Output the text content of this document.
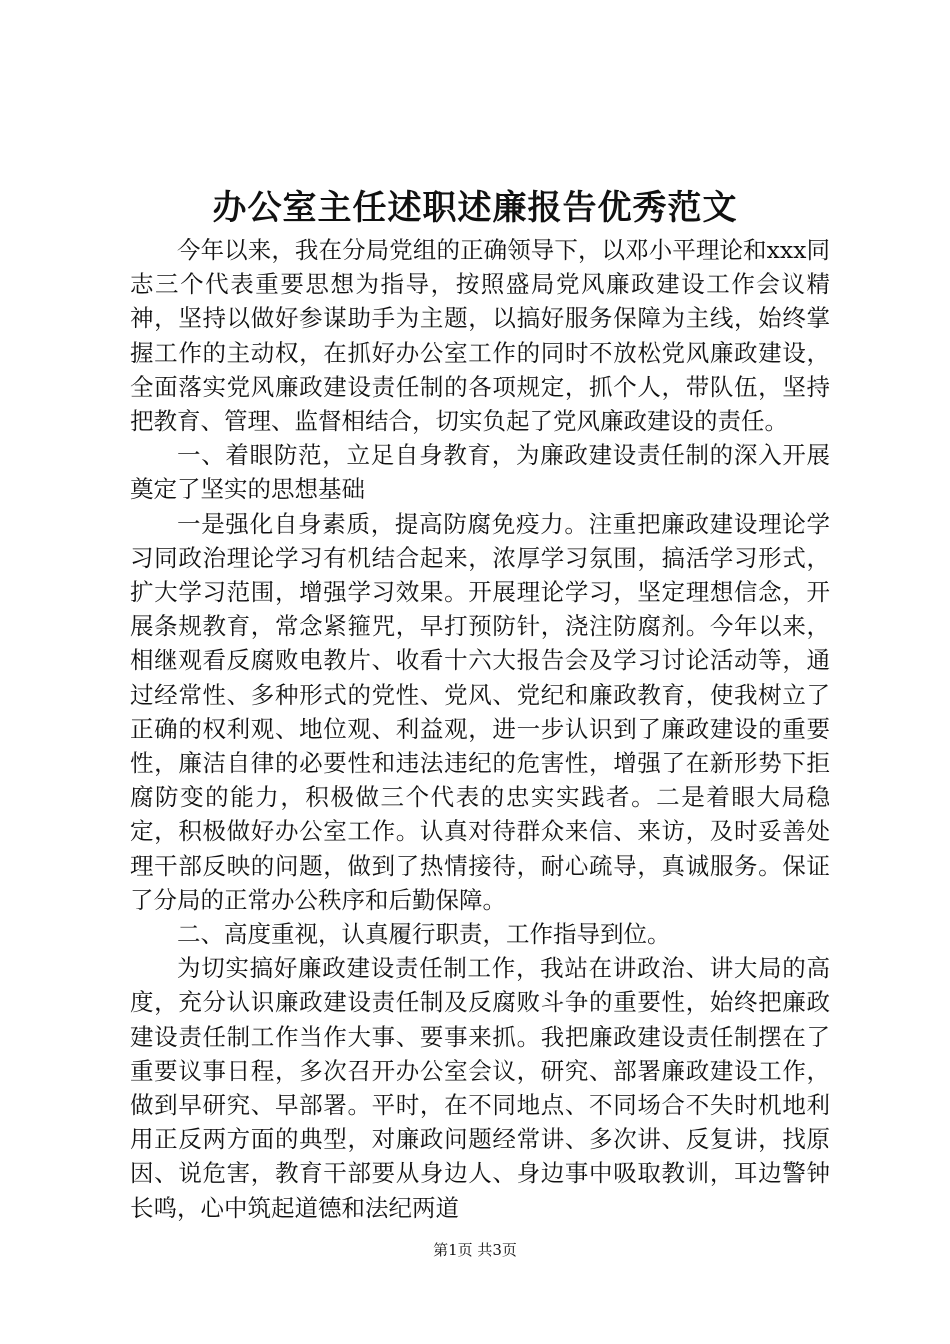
办公室主任述职述廉报告优秀范文

今年以来，我在分局党组的正确领导下，以邓小平理论和xxx同志三个代表重要思想为指导，按照盛局党风廉政建设工作会议精神，坚持以做好参谋助手为主题，以搞好服务保障为主线，始终掌握工作的主动权，在抓好办公室工作的同时不放松党风廉政建设，全面落实党风廉政建设责任制的各项规定，抓个人，带队伍，坚持把教育、管理、监督相结合，切实负起了党风廉政建设的责任。

一、着眼防范，立足自身教育，为廉政建设责任制的深入开展奠定了坚实的思想基础

一是强化自身素质，提高防腐免疫力。注重把廉政建设理论学习同政治理论学习有机结合起来，浓厚学习氛围，搞活学习形式，扩大学习范围，增强学习效果。开展理论学习，坚定理想信念，开展条规教育，常念紧箍咒，早打预防针，浇注防腐剂。今年以来，相继观看反腐败电教片、收看十六大报告会及学习讨论活动等，通过经常性、多种形式的党性、党风、党纪和廉政教育，使我树立了正确的权利观、地位观、利益观，进一步认识到了廉政建设的重要性，廉洁自律的必要性和违法违纪的危害性，增强了在新形势下拒腐防变的能力，积极做三个代表的忠实实践者。二是着眼大局稳定，积极做好办公室工作。认真对待群众来信、来访，及时妥善处理干部反映的问题，做到了热情接待，耐心疏导，真诚服务。保证了分局的正常办公秩序和后勤保障。

二、高度重视，认真履行职责，工作指导到位。

为切实搞好廉政建设责任制工作，我站在讲政治、讲大局的高度，充分认识廉政建设责任制及反腐败斗争的重要性，始终把廉政建设责任制工作当作大事、要事来抓。我把廉政建设责任制摆在了重要议事日程，多次召开办公室会议，研究、部署廉政建设工作，做到早研究、早部署。平时，在不同地点、不同场合不失时机地利用正反两方面的典型，对廉政问题经常讲、多次讲、反复讲，找原因、说危害，教育干部要从身边人、身边事中吸取教训，耳边警钟长鸣，心中筑起道德和法纪两道

第1页 共3页
